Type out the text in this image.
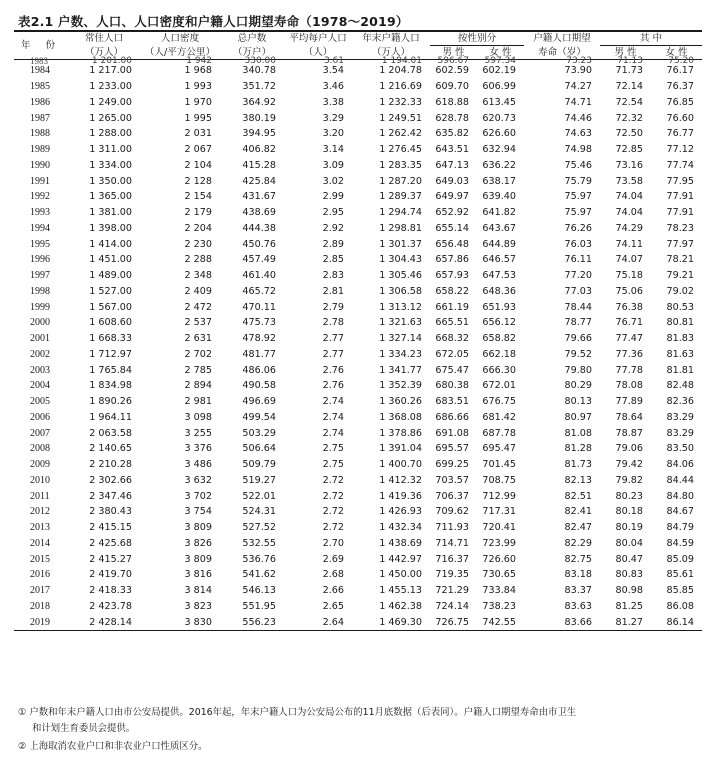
表2.1 户数、人口、人口密度和户籍人口期望寿命（1978～2019）
年 份	常住人口	人口密度	总户数	平均每户人口	年末户籍人口	按性别分		户籍人口期望	其 中	
	（万人）	（人/平方公里）	（万户）	（人）	（万人）	男 性	女 性	寿命（岁）	男 性	女 性
1983	1 201.00	1 942	330.00	3.61	1 194.01	596.67	597.34	73.23	71.13	75.20
1984	1 217.00	1 968	340.78	3.54	1 204.78	602.59	602.19	73.90	71.73	76.17
1985	1 233.00	1 993	351.72	3.46	1 216.69	609.70	606.99	74.27	72.14	76.37
1986	1 249.00	1 970	364.92	3.38	1 232.33	618.88	613.45	74.71	72.54	76.85
1987	1 265.00	1 995	380.19	3.29	1 249.51	628.78	620.73	74.46	72.32	76.60
1988	1 288.00	2 031	394.95	3.20	1 262.42	635.82	626.60	74.63	72.50	76.77
1989	1 311.00	2 067	406.82	3.14	1 276.45	643.51	632.94	74.98	72.85	77.12
1990	1 334.00	2 104	415.28	3.09	1 283.35	647.13	636.22	75.46	73.16	77.74
1991	1 350.00	2 128	425.84	3.02	1 287.20	649.03	638.17	75.79	73.58	77.95
1992	1 365.00	2 154	431.67	2.99	1 289.37	649.97	639.40	75.97	74.04	77.91
1993	1 381.00	2 179	438.69	2.95	1 294.74	652.92	641.82	75.97	74.04	77.91
1994	1 398.00	2 204	444.38	2.92	1 298.81	655.14	643.67	76.26	74.29	78.23
1995	1 414.00	2 230	450.76	2.89	1 301.37	656.48	644.89	76.03	74.11	77.97
1996	1 451.00	2 288	457.49	2.85	1 304.43	657.86	646.57	76.11	74.07	78.21
1997	1 489.00	2 348	461.40	2.83	1 305.46	657.93	647.53	77.20	75.18	79.21
1998	1 527.00	2 409	465.72	2.81	1 306.58	658.22	648.36	77.03	75.06	79.02
1999	1 567.00	2 472	470.11	2.79	1 313.12	661.19	651.93	78.44	76.38	80.53
2000	1 608.60	2 537	475.73	2.78	1 321.63	665.51	656.12	78.77	76.71	80.81
2001	1 668.33	2 631	478.92	2.77	1 327.14	668.32	658.82	79.66	77.47	81.83
2002	1 712.97	2 702	481.77	2.77	1 334.23	672.05	662.18	79.52	77.36	81.63
2003	1 765.84	2 785	486.06	2.76	1 341.77	675.47	666.30	79.80	77.78	81.81
2004	1 834.98	2 894	490.58	2.76	1 352.39	680.38	672.01	80.29	78.08	82.48
2005	1 890.26	2 981	496.69	2.74	1 360.26	683.51	676.75	80.13	77.89	82.36
2006	1 964.11	3 098	499.54	2.74	1 368.08	686.66	681.42	80.97	78.64	83.29
2007	2 063.58	3 255	503.29	2.74	1 378.86	691.08	687.78	81.08	78.87	83.29
2008	2 140.65	3 376	506.64	2.75	1 391.04	695.57	695.47	81.28	79.06	83.50
2009	2 210.28	3 486	509.79	2.75	1 400.70	699.25	701.45	81.73	79.42	84.06
2010	2 302.66	3 632	519.27	2.72	1 412.32	703.57	708.75	82.13	79.82	84.44
2011	2 347.46	3 702	522.01	2.72	1 419.36	706.37	712.99	82.51	80.23	84.80
2012	2 380.43	3 754	524.31	2.72	1 426.93	709.62	717.31	82.41	80.18	84.67
2013	2 415.15	3 809	527.52	2.72	1 432.34	711.93	720.41	82.47	80.19	84.79
2014	2 425.68	3 826	532.55	2.70	1 438.69	714.71	723.99	82.29	80.04	84.59
2015	2 415.27	3 809	536.76	2.69	1 442.97	716.37	726.60	82.75	80.47	85.09
2016	2 419.70	3 816	541.62	2.68	1 450.00	719.35	730.65	83.18	80.83	85.61
2017	2 418.33	3 814	546.13	2.66	1 455.13	721.29	733.84	83.37	80.98	85.85
2018	2 423.78	3 823	551.95	2.65	1 462.38	724.14	738.23	83.63	81.25	86.08
2019	2 428.14	3 830	556.23	2.64	1 469.30	726.75	742.55	83.66	81.27	86.14
① 户数和年末户籍人口由市公安局提供。2016年起，年末户籍人口为公安局公布的11月底数据（后表同）。户籍人口期望寿命由市卫生
和计划生育委员会提供。
② 上海取消农业户口和非农业户口性质区分。
